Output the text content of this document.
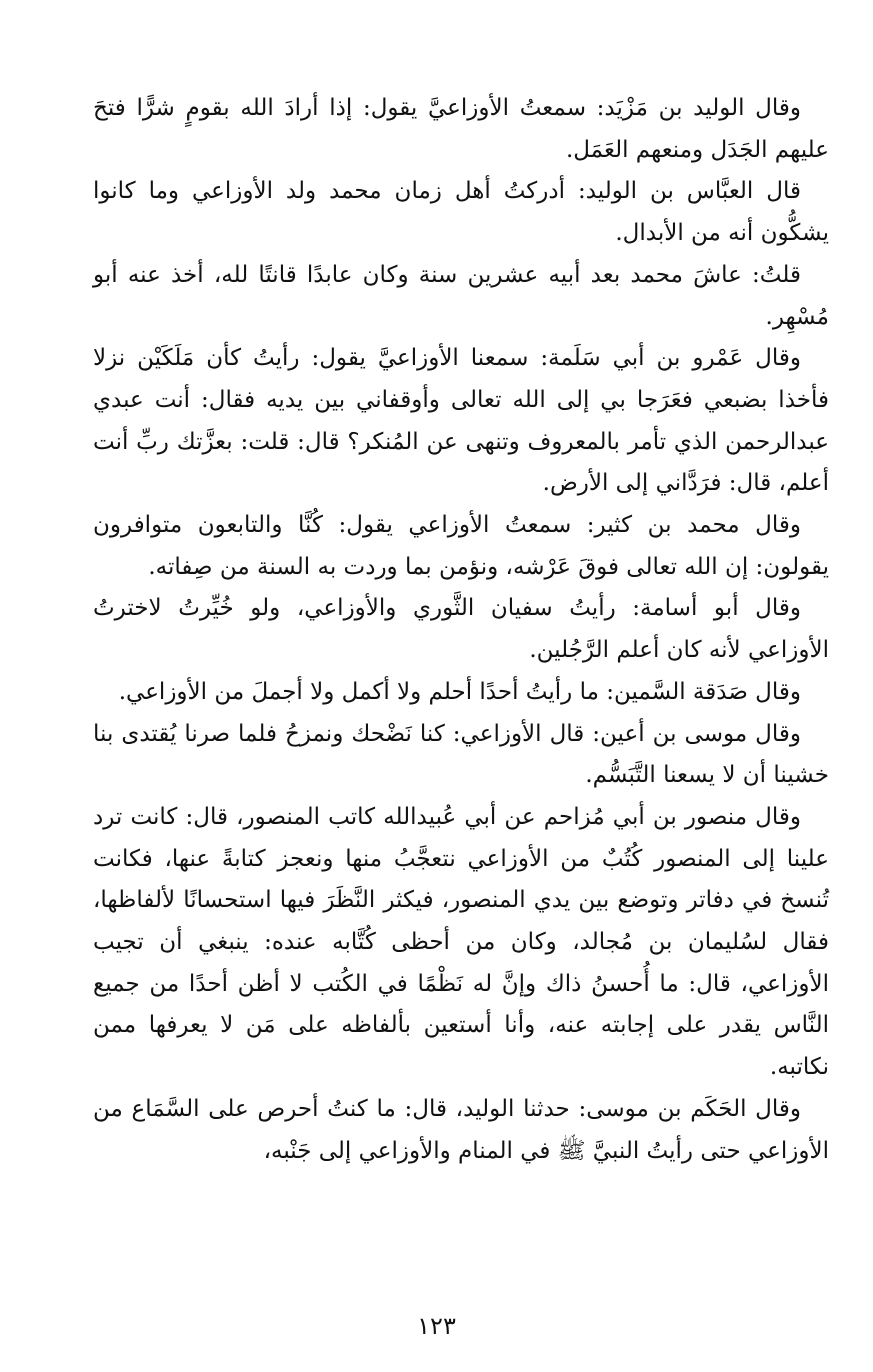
وقال الوليد بن مَزْيَد: سمعتُ الأوزاعيَّ يقول: إذا أرادَ الله بقومٍ شرًّا فتحَ عليهم الجَدَل ومنعهم العَمَل.

قال العبَّاس بن الوليد: أدركتُ أهل زمان محمد ولد الأوزاعي وما كانوا يشكُّون أنه من الأبدال.

قلتُ: عاشَ محمد بعد أبيه عشرين سنة وكان عابدًا قانتًا لله، أخذ عنه أبو مُسْهِر.

وقال عَمْرو بن أبي سَلَمة: سمعنا الأوزاعيَّ يقول: رأيتُ كأن مَلَكَيْن نزلا فأخذا بضبعي فعَرَجا بي إلى الله تعالى وأوقفاني بين يديه فقال: أنت عبدي عبدالرحمن الذي تأمر بالمعروف وتنهى عن المُنكر؟ قال: قلت: بعزَّتك ربِّ أنت أعلم، قال: فرَدَّاني إلى الأرض.

وقال محمد بن كثير: سمعتُ الأوزاعي يقول: كُنَّا والتابعون متوافرون يقولون: إن الله تعالى فوقَ عَرْشه، ونؤمن بما وردت به السنة من صِفاته.

وقال أبو أسامة: رأيتُ سفيان الثَّوري والأوزاعي، ولو خُيِّرتُ لاخترتُ الأوزاعي لأنه كان أعلم الرَّجُلين.

وقال صَدَقة السَّمين: ما رأيتُ أحدًا أحلم ولا أكمل ولا أجملَ من الأوزاعي.

وقال موسى بن أعين: قال الأوزاعي: كنا نَضْحك ونمزحُ فلما صرنا يُقتدى بنا خشينا أن لا يسعنا التَّبَسُّم.

وقال منصور بن أبي مُزاحم عن أبي عُبيدالله كاتب المنصور، قال: كانت ترد علينا إلى المنصور كُتُبٌ من الأوزاعي نتعجَّبُ منها ونعجز كتابةً عنها، فكانت تُنسخ في دفاتر وتوضع بين يدي المنصور، فيكثر النَّظَرَ فيها استحسانًا لألفاظها، فقال لسُليمان بن مُجالد، وكان من أحظى كُتَّابه عنده: ينبغي أن تجيب الأوزاعي، قال: ما أُحسنُ ذاك وإنَّ له نَظْمًا في الكُتب لا أظن أحدًا من جميع النَّاس يقدر على إجابته عنه، وأنا أستعين بألفاظه على مَن لا يعرفها ممن نكاتبه.

وقال الحَكَم بن موسى: حدثنا الوليد، قال: ما كنتُ أحرص على السَّمَاع من الأوزاعي حتى رأيتُ النبيَّ ﷺ في المنام والأوزاعي إلى جَنْبه،

١٢٣
